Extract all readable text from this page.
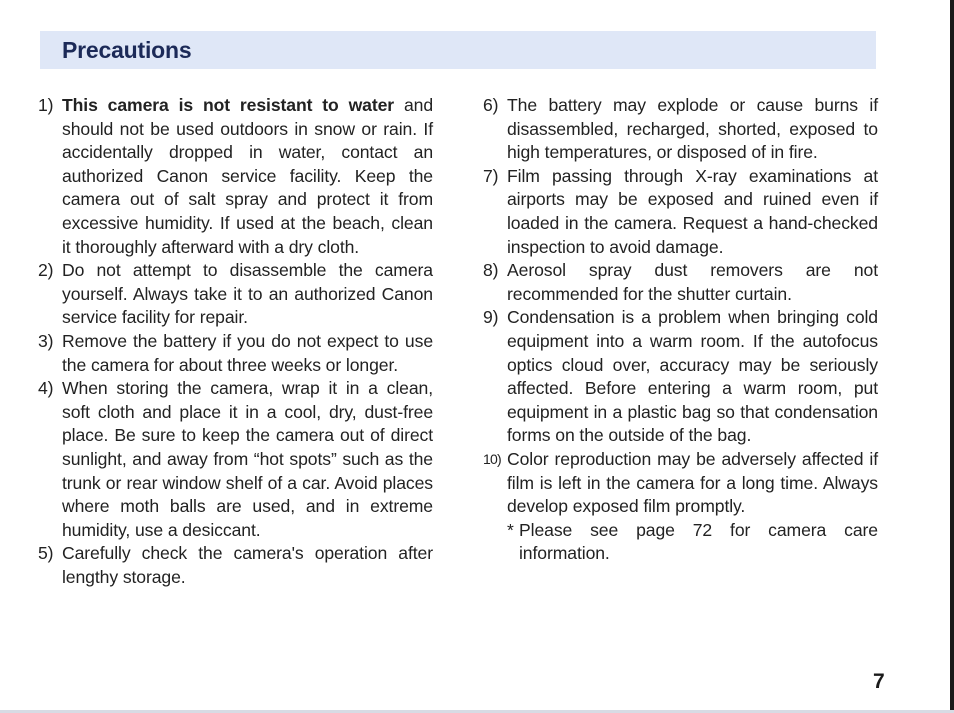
Precautions
1) This camera is not resistant to water and should not be used outdoors in snow or rain. If accidentally dropped in water, contact an authorized Canon service facility. Keep the camera out of salt spray and protect it from excessive humidity. If used at the beach, clean it thoroughly afterward with a dry cloth.
2) Do not attempt to disassemble the camera yourself. Always take it to an authorized Canon service facility for repair.
3) Remove the battery if you do not expect to use the camera for about three weeks or longer.
4) When storing the camera, wrap it in a clean, soft cloth and place it in a cool, dry, dust-free place. Be sure to keep the camera out of direct sunlight, and away from “hot spots” such as the trunk or rear window shelf of a car. Avoid places where moth balls are used, and in extreme humidity, use a desiccant.
5) Carefully check the camera's operation after lengthy storage.
6) The battery may explode or cause burns if disassembled, recharged, shorted, exposed to high temperatures, or disposed of in fire.
7) Film passing through X-ray examinations at airports may be exposed and ruined even if loaded in the camera. Request a hand-checked inspection to avoid damage.
8) Aerosol spray dust removers are not recommended for the shutter curtain.
9) Condensation is a problem when bringing cold equipment into a warm room. If the autofocus optics cloud over, accuracy may be seriously affected. Before entering a warm room, put equipment in a plastic bag so that condensation forms on the outside of the bag.
10) Color reproduction may be adversely affected if film is left in the camera for a long time. Always develop exposed film promptly.
* Please see page 72 for camera care information.
7
